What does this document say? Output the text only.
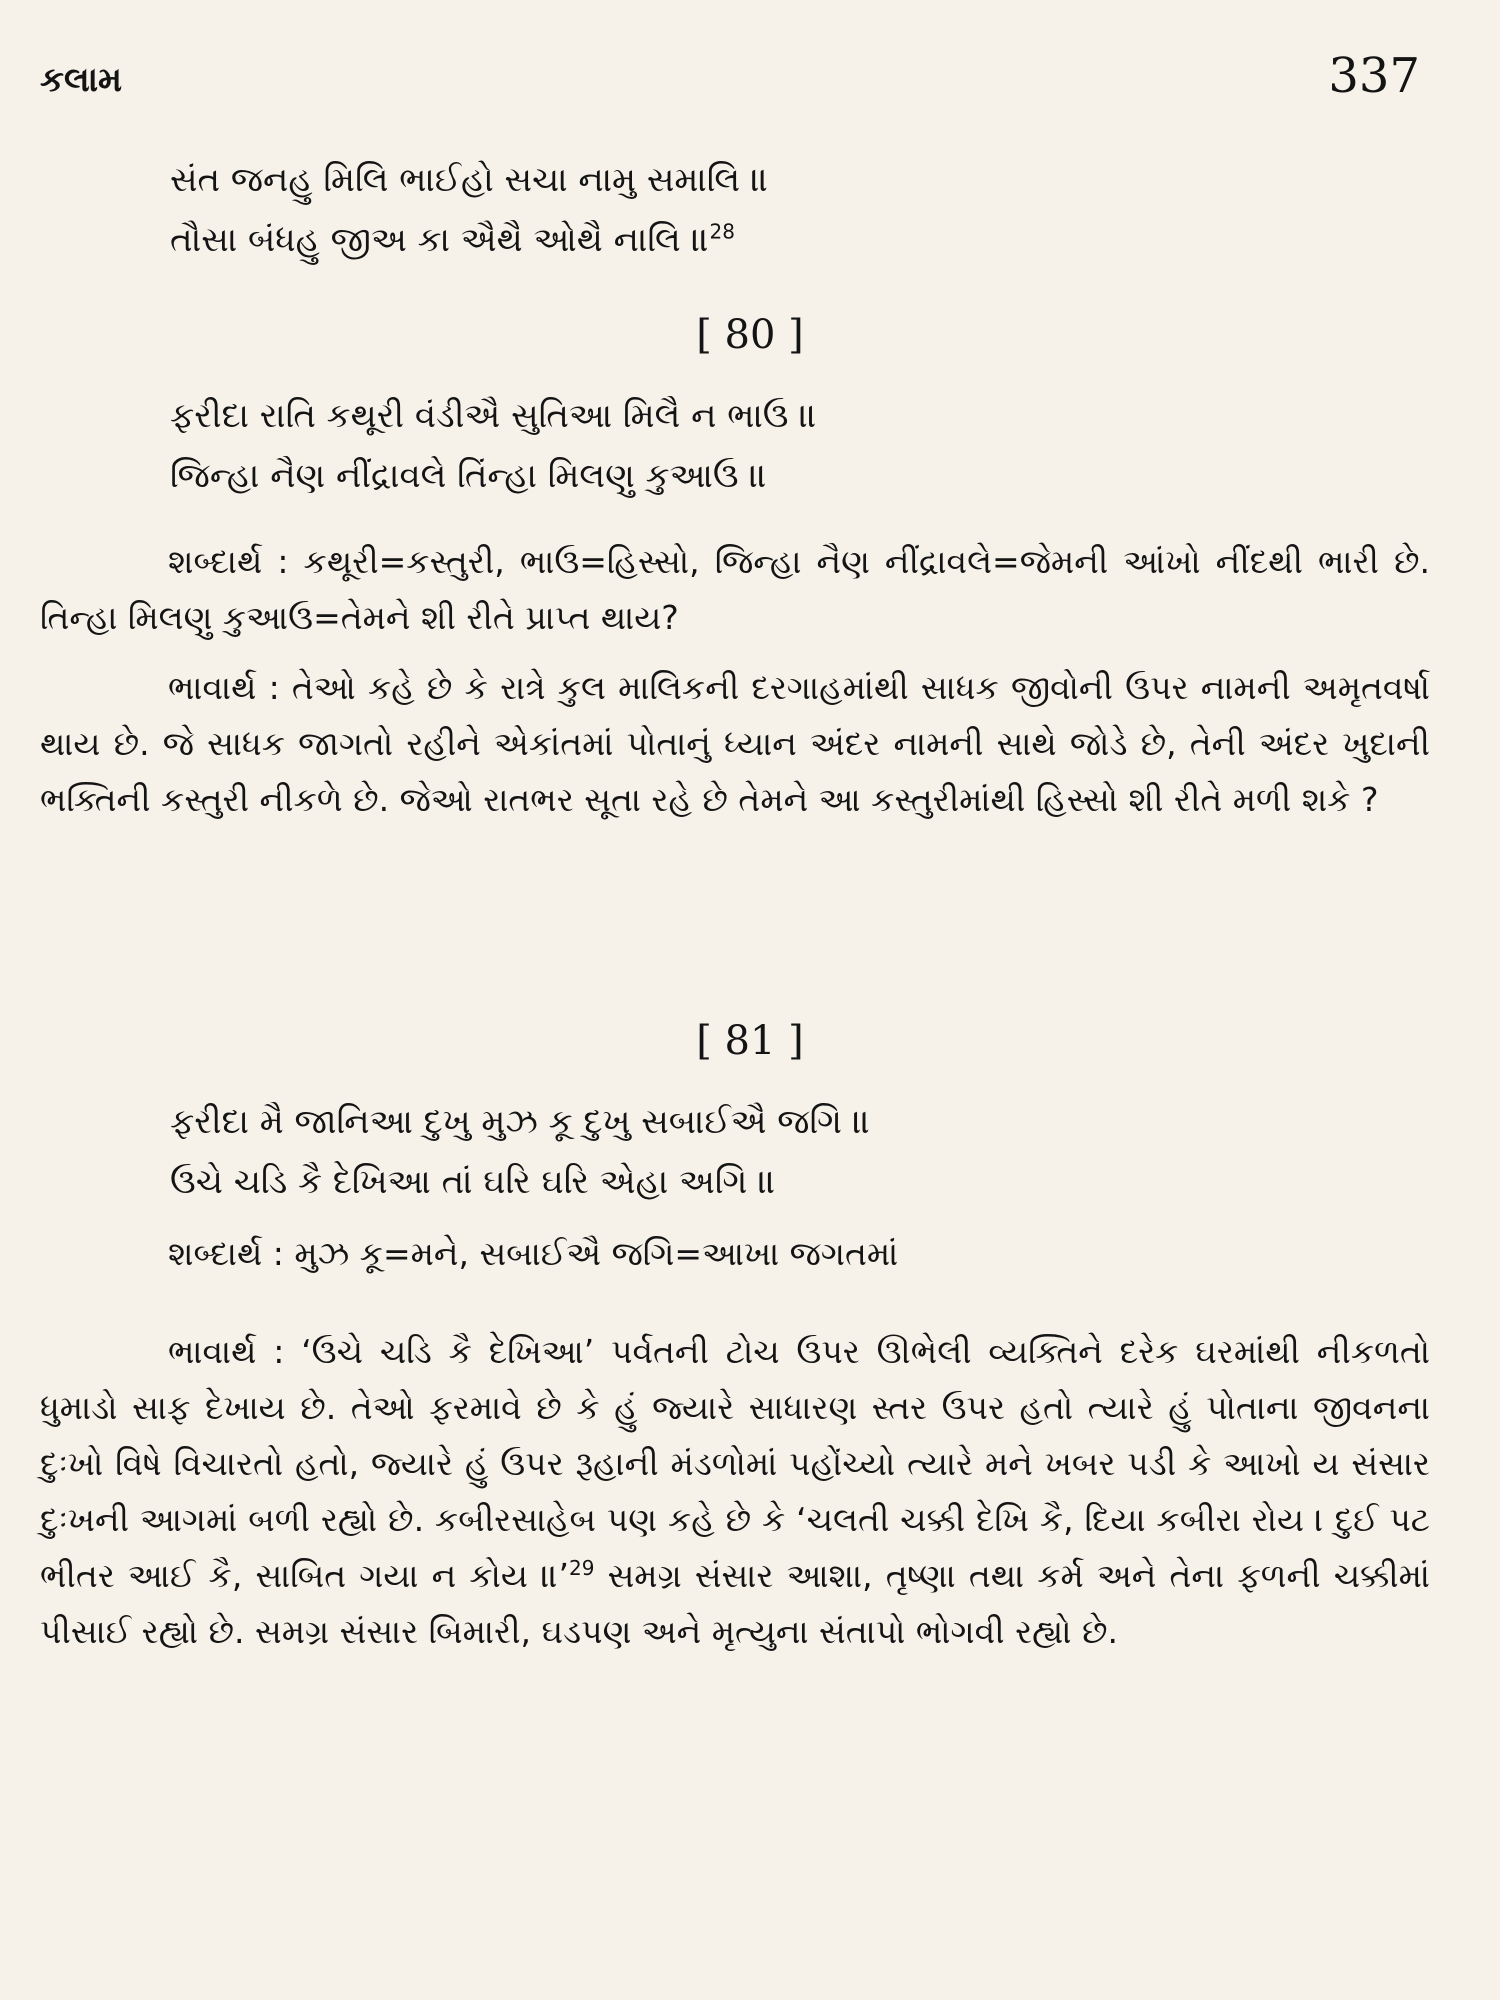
કલામ	337
સંત જનહુ મિલિ ભાઈહો સચા નામુ સમાલિ ॥
તૌસા બંધહુ જીઅ કા ઐથૈ ઓથૈ નાલિ ॥$^{28}$
[ 80 ]
ફરીદા રાતિ કથૂરી વંડીઐ સુતિઆ મિલૈ ન ભાઉ ॥
જિન્હા નૈણ નીંદ્રાવલે તિંન્હા મિલણુ કુઆઉ ॥
શબ્દાર્થ : કથૂરી=કસ્તુરી, ભાઉ=હિસ્સો, જિન્હા નૈણ નીંદ્રાવલે=જેમની આંખો નીંદથી ભારી છે. તિન્હા મિલણુ કુઆઉ=તેમને શી રીતે પ્રાપ્ત થાય?
ભાવાર્થ : તેઓ કહે છે કે રાત્રે કુલ માલિકની દરગાહમાંથી સાધક જીવોની ઉપર નામની અમૃતવર્ષા થાય છે. જે સાધક જાગતો રહીને એકાંતમાં પોતાનું ધ્યાન અંદર નામની સાથે જોડે છે, તેની અંદર ખુદાની ભક્તિની કસ્તુરી નીકળે છે. જેઓ રાતભર સૂતા રહે છે તેમને આ કસ્તુરીમાંથી હિસ્સો શી રીતે મળી શકે ?
[ 81 ]
ફરીદા મૈ જાનિઆ દુખુ મુઝ કૂ દુખુ સબાઈઐ જગિ ॥
ઉચે ચડિ કૈ દેખિઆ તાં ઘરિ ઘરિ એહા અગિ ॥
શબ્દાર્થ : મુઝ કૂ=મને, સબાઈઐ જગિ=આખા જગતમાં
ભાવાર્થ : ‘ઉચે ચડિ કૈ દેખિઆ’ પર્વતની ટોચ ઉપર ઊભેલી વ્યક્તિને દરેક ઘરમાંથી નીકળતો ધુમાડો સાફ દેખાય છે. તેઓ ફરમાવે છે કે હું જ્યારે સાધારણ સ્તર ઉપર હતો ત્યારે હું પોતાના જીવનના દુઃખો વિષે વિચારતો હતો, જ્યારે હું ઉપર રૂહાની મંડળોમાં પહોંચ્યો ત્યારે મને ખબર પડી કે આખો ય સંસાર દુઃખની આગમાં બળી રહ્યો છે. કબીરસાહેબ પણ કહે છે કે ‘ચલતી ચક્કી દેખિ કૈ, દિયા કબીરા રોય । દુઈ પટ ભીતર આઈ કૈ, સાબિત ગયા ન કોય ॥’$^{29}$ સમગ્ર સંસાર આશા, તૃષ્ણા તથા કર્મ અને તેના ફળની ચક્કીમાં પીસાઈ રહ્યો છે. સમગ્ર સંસાર બિમારી, ઘડપણ અને મૃત્યુના સંતાપો ભોગવી રહ્યો છે.
